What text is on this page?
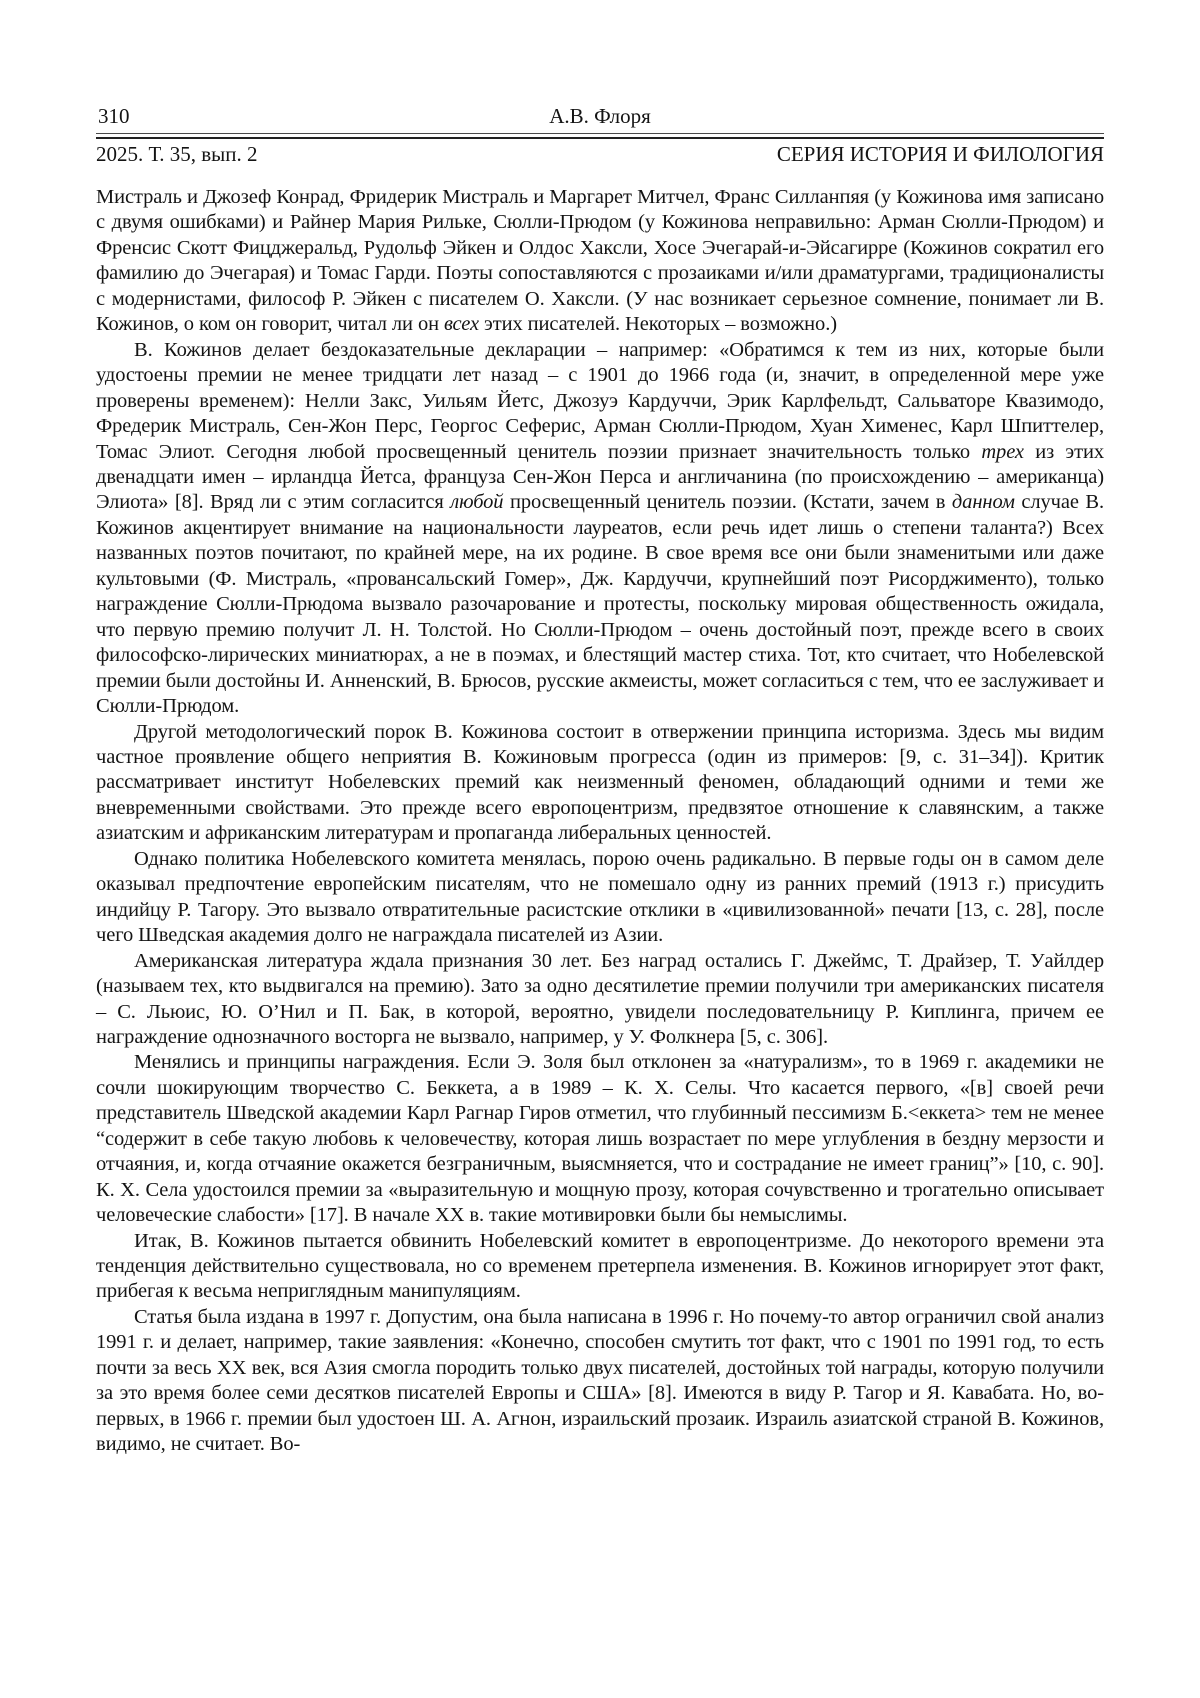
310	А.В. Флоря
2025. Т. 35, вып. 2	СЕРИЯ ИСТОРИЯ И ФИЛОЛОГИЯ

Мистраль и Джозеф Конрад, Фридерик Мистраль и Маргарет Митчел, Франс Силланпяя (у Кожинова имя записано с двумя ошибками) и Райнер Мария Рильке, Сюлли-Прюдом (у Кожинова неправильно: Арман Сюлли-Прюдом) и Френсис Скотт Фицджеральд, Рудольф Эйкен и Олдос Хаксли, Хосе Эчегарай-и-Эйсагирре (Кожинов сократил его фамилию до Эчегарая) и Томас Гарди. Поэты сопоставляются с прозаиками и/или драматургами, традиционалисты с модернистами, философ Р. Эйкен с писателем О. Хаксли. (У нас возникает серьезное сомнение, понимает ли В. Кожинов, о ком он говорит, читал ли он всех этих писателей. Некоторых – возможно.)

В. Кожинов делает бездоказательные декларации – например: «Обратимся к тем из них, которые были удостоены премии не менее тридцати лет назад – с 1901 до 1966 года (и, значит, в определенной мере уже проверены временем): Нелли Закс, Уильям Йетс, Джозуэ Кардуччи, Эрик Карлфельдт, Сальваторе Квазимодо, Фредерик Мистраль, Сен-Жон Перс, Георгос Сеферис, Арман Сюлли-Прюдом, Хуан Хименес, Карл Шпиттелер, Томас Элиот. Сегодня любой просвещенный ценитель поэзии признает значительность только трех из этих двенадцати имен – ирландца Йетса, француза Сен-Жон Перса и англичанина (по происхождению – американца) Элиота» [8]. Вряд ли с этим согласится любой просвещенный ценитель поэзии. (Кстати, зачем в данном случае В. Кожинов акцентирует внимание на национальности лауреатов, если речь идет лишь о степени таланта?) Всех названных поэтов почитают, по крайней мере, на их родине. В свое время все они были знаменитыми или даже культовыми (Ф. Мистраль, «провансальский Гомер», Дж. Кардуччи, крупнейший поэт Рисорджименто), только награждение Сюлли-Прюдома вызвало разочарование и протесты, поскольку мировая общественность ожидала, что первую премию получит Л. Н. Толстой. Но Сюлли-Прюдом – очень достойный поэт, прежде всего в своих философско-лирических миниатюрах, а не в поэмах, и блестящий мастер стиха. Тот, кто считает, что Нобелевской премии были достойны И. Анненский, В. Брюсов, русские акмеисты, может согласиться с тем, что ее заслуживает и Сюлли-Прюдом.

Другой методологический порок В. Кожинова состоит в отвержении принципа историзма. Здесь мы видим частное проявление общего неприятия В. Кожиновым прогресса (один из примеров: [9, с. 31–34]). Критик рассматривает институт Нобелевских премий как неизменный феномен, обладающий одними и теми же вневременными свойствами. Это прежде всего европоцентризм, предвзятое отношение к славянским, а также азиатским и африканским литературам и пропаганда либеральных ценностей.

Однако политика Нобелевского комитета менялась, порою очень радикально. В первые годы он в самом деле оказывал предпочтение европейским писателям, что не помешало одну из ранних премий (1913 г.) присудить индийцу Р. Тагору. Это вызвало отвратительные расистские отклики в «цивилизованной» печати [13, с. 28], после чего Шведская академия долго не награждала писателей из Азии.

Американская литература ждала признания 30 лет. Без наград остались Г. Джеймс, Т. Драйзер, Т. Уайлдер (называем тех, кто выдвигался на премию). Зато за одно десятилетие премии получили три американских писателя – С. Льюис, Ю. О’Нил и П. Бак, в которой, вероятно, увидели последовательницу Р. Киплинга, причем ее награждение однозначного восторга не вызвало, например, у У. Фолкнера [5, с. 306].

Менялись и принципы награждения. Если Э. Золя был отклонен за «натурализм», то в 1969 г. академики не сочли шокирующим творчество С. Беккета, а в 1989 – К. Х. Селы. Что касается первого, «[в] своей речи представитель Шведской академии Карл Рагнар Гиров отметил, что глубинный пессимизм Б.<еккета> тем не менее “содержит в себе такую любовь к человечеству, которая лишь возрастает по мере углубления в бездну мерзости и отчаяния, и, когда отчаяние окажется безграничным, выясмняется, что и сострадание не имеет границ”» [10, с. 90]. К. Х. Села удостоился премии за «выразительную и мощную прозу, которая сочувственно и трогательно описывает человеческие слабости» [17]. В начале ХХ в. такие мотивировки были бы немыслимы.

Итак, В. Кожинов пытается обвинить Нобелевский комитет в европоцентризме. До некоторого времени эта тенденция действительно существовала, но со временем претерпела изменения. В. Кожинов игнорирует этот факт, прибегая к весьма неприглядным манипуляциям.

Статья была издана в 1997 г. Допустим, она была написана в 1996 г. Но почему-то автор ограничил свой анализ 1991 г. и делает, например, такие заявления: «Конечно, способен смутить тот факт, что с 1901 по 1991 год, то есть почти за весь ХХ век, вся Азия смогла породить только двух писателей, достойных той награды, которую получили за это время более семи десятков писателей Европы и США» [8]. Имеются в виду Р. Тагор и Я. Кавабата. Но, во-первых, в 1966 г. премии был удостоен Ш. А. Агнон, израильский прозаик. Израиль азиатской страной В. Кожинов, видимо, не считает. Во-
